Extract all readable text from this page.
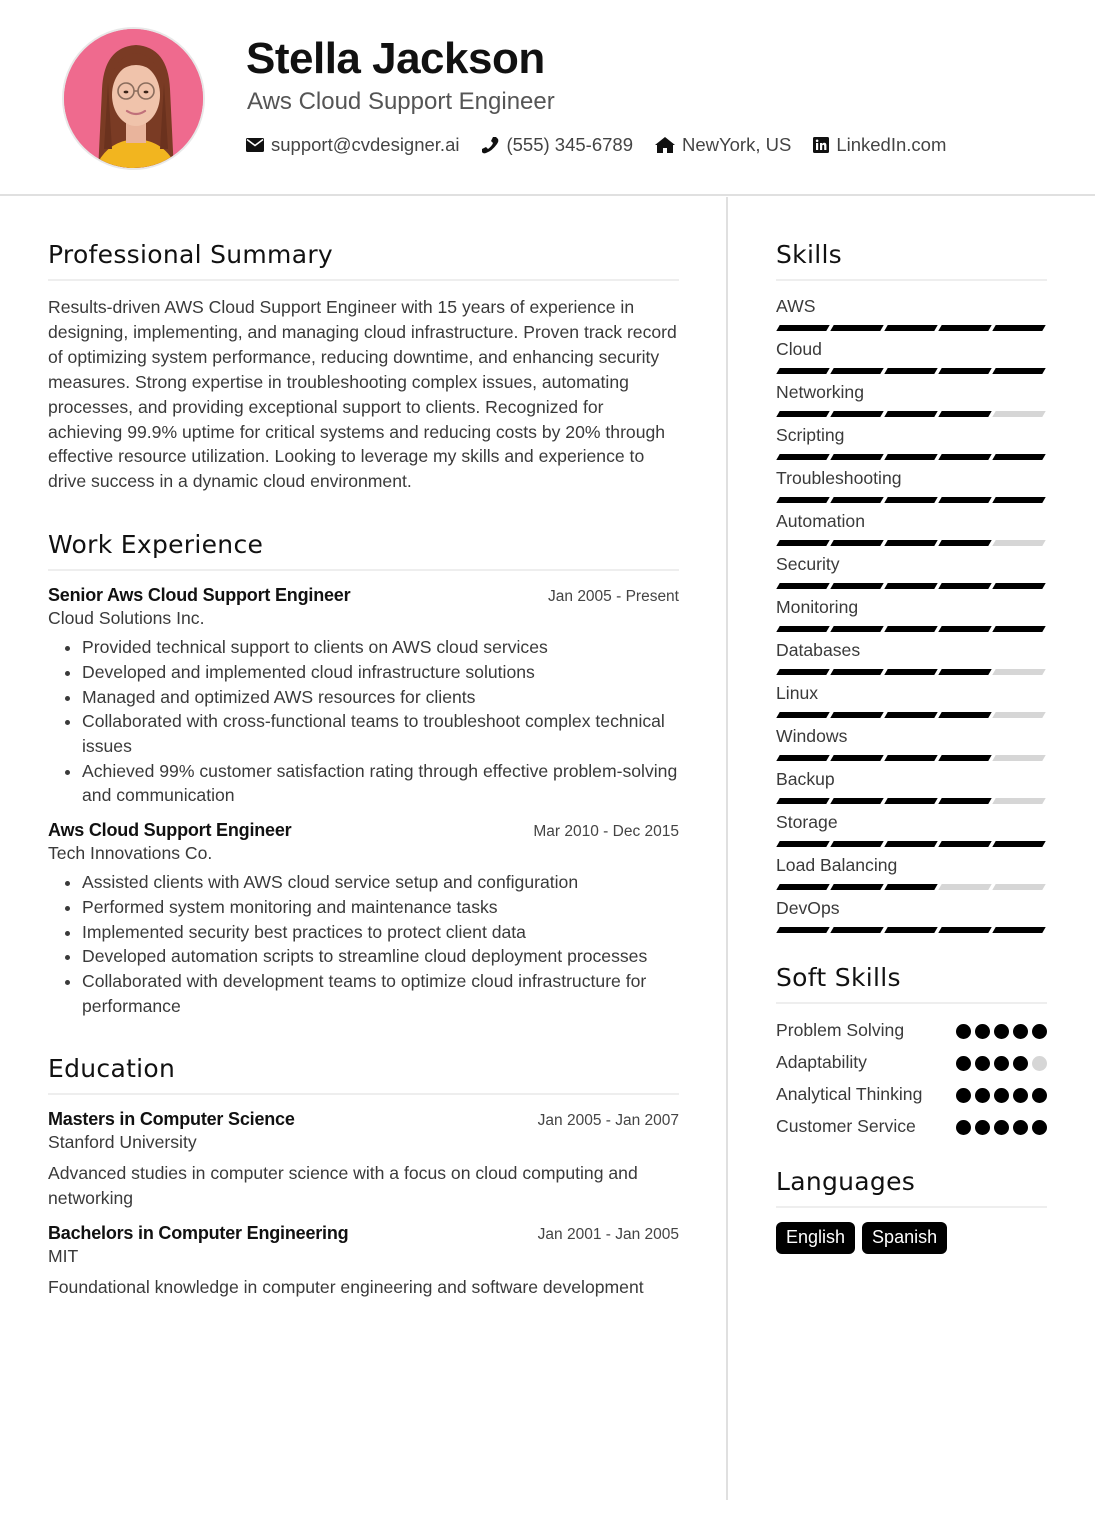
Stella Jackson
Aws Cloud Support Engineer
support@cvdesigner.ai	(555) 345-6789	NewYork, US LinkedIn.com
Professional Summary

Results-driven AWS Cloud Support Engineer with 15 years of experience in designing, implementing, and managing cloud infrastructure. Proven track record of optimizing system performance, reducing downtime, and enhancing security measures. Strong expertise in troubleshooting complex issues, automating processes, and providing exceptional support to clients. Recognized for achieving 99.9% uptime for critical systems and reducing costs by 20% through effective resource utilization. Looking to leverage my skills and experience to drive success in a dynamic cloud environment.

Work Experience
Senior Aws Cloud Support Engineer	Jan 2005 - Present
Cloud Solutions Inc.
• Provided technical support to clients on AWS cloud services
• Developed and implemented cloud infrastructure solutions
• Managed and optimized AWS resources for clients
• Collaborated with cross-functional teams to troubleshoot complex technical issues
• Achieved 99% customer satisfaction rating through effective problem-solving and communication
Aws Cloud Support Engineer	Mar 2010 - Dec 2015
Tech Innovations Co.
• Assisted clients with AWS cloud service setup and configuration
• Performed system monitoring and maintenance tasks
• Implemented security best practices to protect client data
• Developed automation scripts to streamline cloud deployment processes
• Collaborated with development teams to optimize cloud infrastructure for performance
Education
Masters in Computer Science	Jan 2005 - Jan 2007
Stanford University

Advanced studies in computer science with a focus on cloud computing and networking

Bachelors in Computer Engineering	Jan 2001 - Jan 2005
MIT

Foundational knowledge in computer engineering and software development

Skills
AWS
Cloud
Networking
Scripting
Troubleshooting
Automation
Security
Monitoring
Databases
Linux
Windows
Backup
Storage
Load Balancing
DevOps
Soft Skills
Problem Solving
Adaptability
Analytical Thinking
Customer Service
Languages
English	Spanish
